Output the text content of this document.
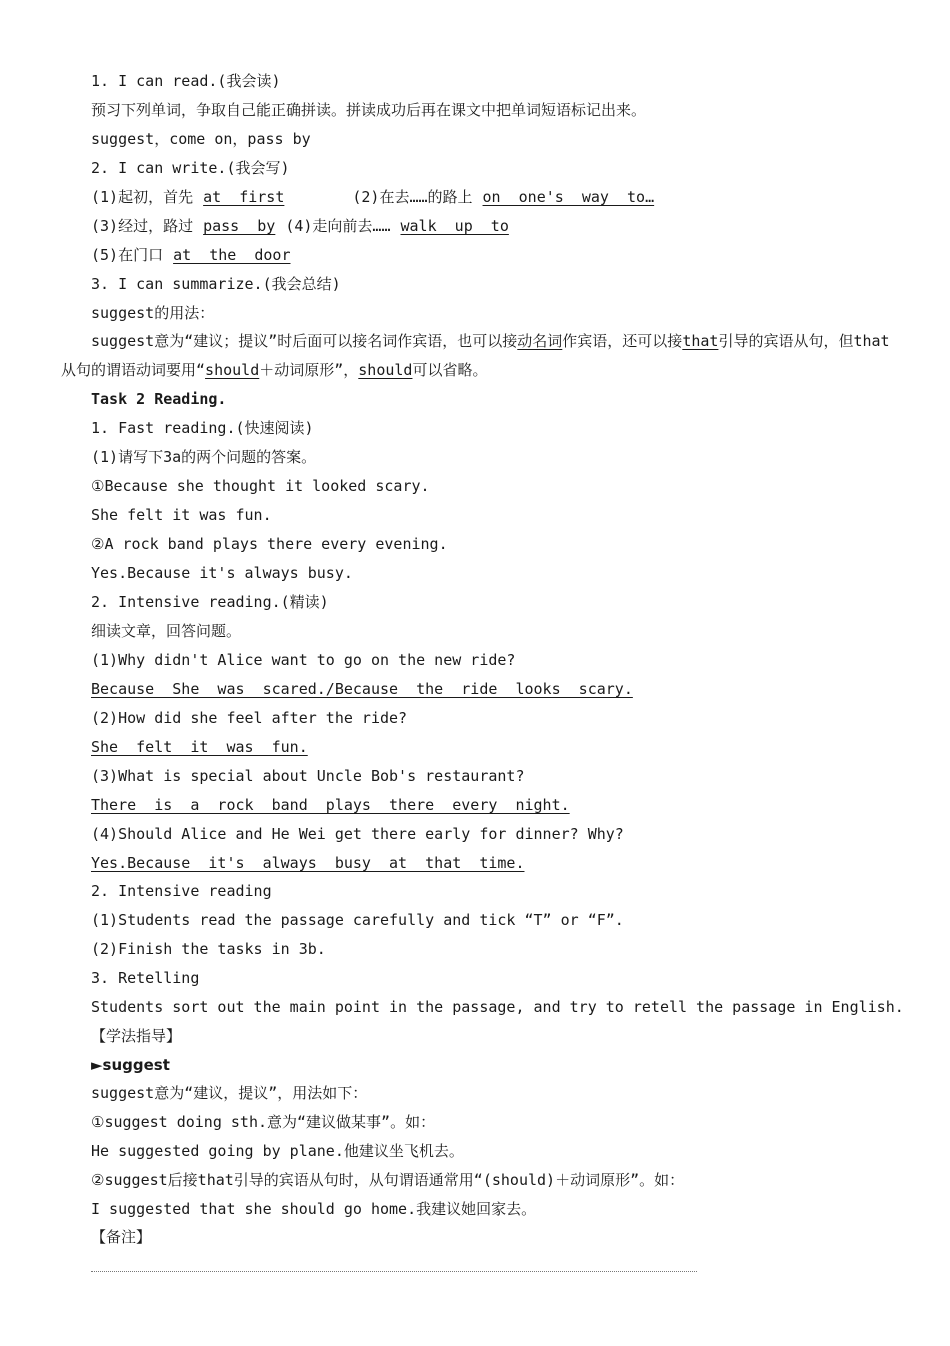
1. I can read.(我会读)
预习下列单词，争取自己能正确拼读。拼读成功后再在课文中把单词短语标记出来。
suggest，come on，pass by
2. I can write.(我会写)
(1)起初，首先 at  first	(2)在去……的路上 on  one's  way  to…
(3)经过，路过 pass  by (4)走向前去…… walk  up  to
(5)在门口 at  the  door
3. I can summarize.(我会总结)
suggest的用法：
suggest意为“建议；提议”时后面可以接名词作宾语，也可以接动名词作宾语，还可以接that引导的宾语从句，但that从句的谓语动词要用“should＋动词原形”，should可以省略。
Task 2 Reading.
1. Fast reading.(快速阅读)
(1)请写下3a的两个问题的答案。
①Because she thought it looked scary.
She felt it was fun.
②A rock band plays there every evening.
Yes.Because it's always busy.
2. Intensive reading.(精读)
细读文章，回答问题。
(1)Why didn't Alice want to go on the new ride?
Because  She  was  scared./Because  the  ride  looks  scary.
(2)How did she feel after the ride?
She  felt  it  was  fun.
(3)What is special about Uncle Bob's restaurant?
There  is  a  rock  band  plays  there  every  night.
(4)Should Alice and He Wei get there early for dinner? Why?
Yes.Because  it's  always  busy  at  that  time.
2. Intensive reading
(1)Students read the passage carefully and tick “T” or “F”.
(2)Finish the tasks in 3b.
3. Retelling
Students sort out the main point in the passage, and try to retell the passage in English.
【学法指导】
►suggest
suggest意为“建议，提议”，用法如下：
①suggest doing sth.意为“建议做某事”。如：
He suggested going by plane.他建议坐飞机去。
②suggest后接that引导的宾语从句时，从句谓语通常用“(should)＋动词原形”。如：
I suggested that she should go home.我建议她回家去。
【备注】
